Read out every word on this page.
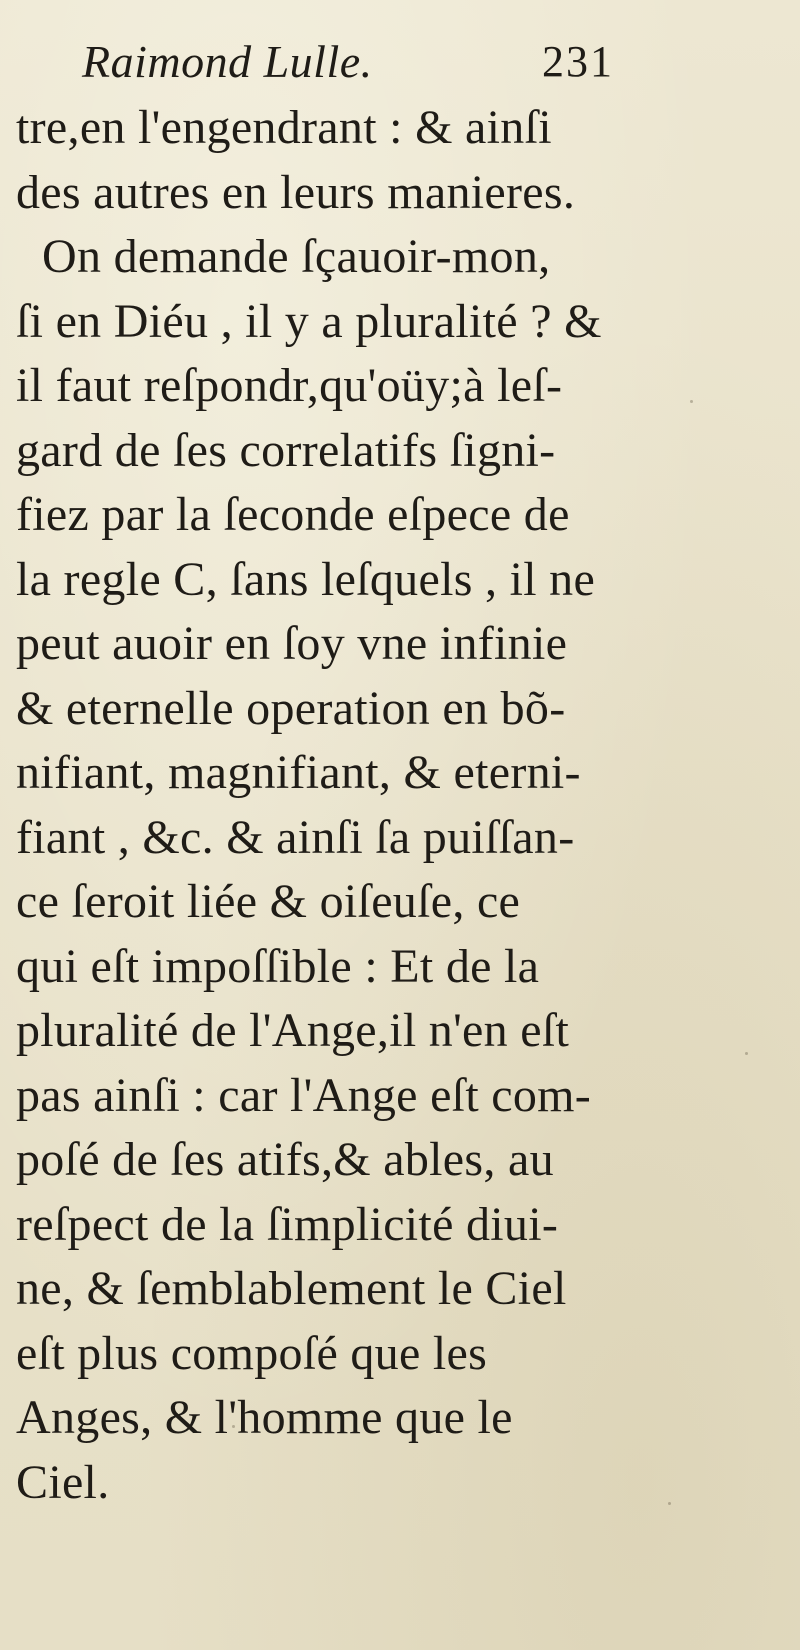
Raimond Lulle.	231
tre,en l'engendrant : & ainſi
des autres en leurs manieres.
On demande ſçauoir-mon,
ſi en Diéu , il y a pluralité ? &
il faut reſpondr,qu'oüy;à leſ-
gard de ſes correlatifs ſigni-
fiez par la ſeconde eſpece de
la regle C, ſans leſquels , il ne
peut auoir en ſoy vne infinie
& eternelle operation en bõ-
nifiant, magnifiant, & eterni-
fiant , &c. & ainſi ſa puiſſan-
ce ſeroit liée & oiſeuſe, ce
qui eſt impoſſible : Et de la
pluralité de l'Ange,il n'en eſt
pas ainſi : car l'Ange eſt com-
poſé de ſes atifs,& ables, au
reſpect de la ſimplicité diui-
ne, & ſemblablement le Ciel
eſt plus compoſé que les
Anges, & l'homme que le
Ciel.
